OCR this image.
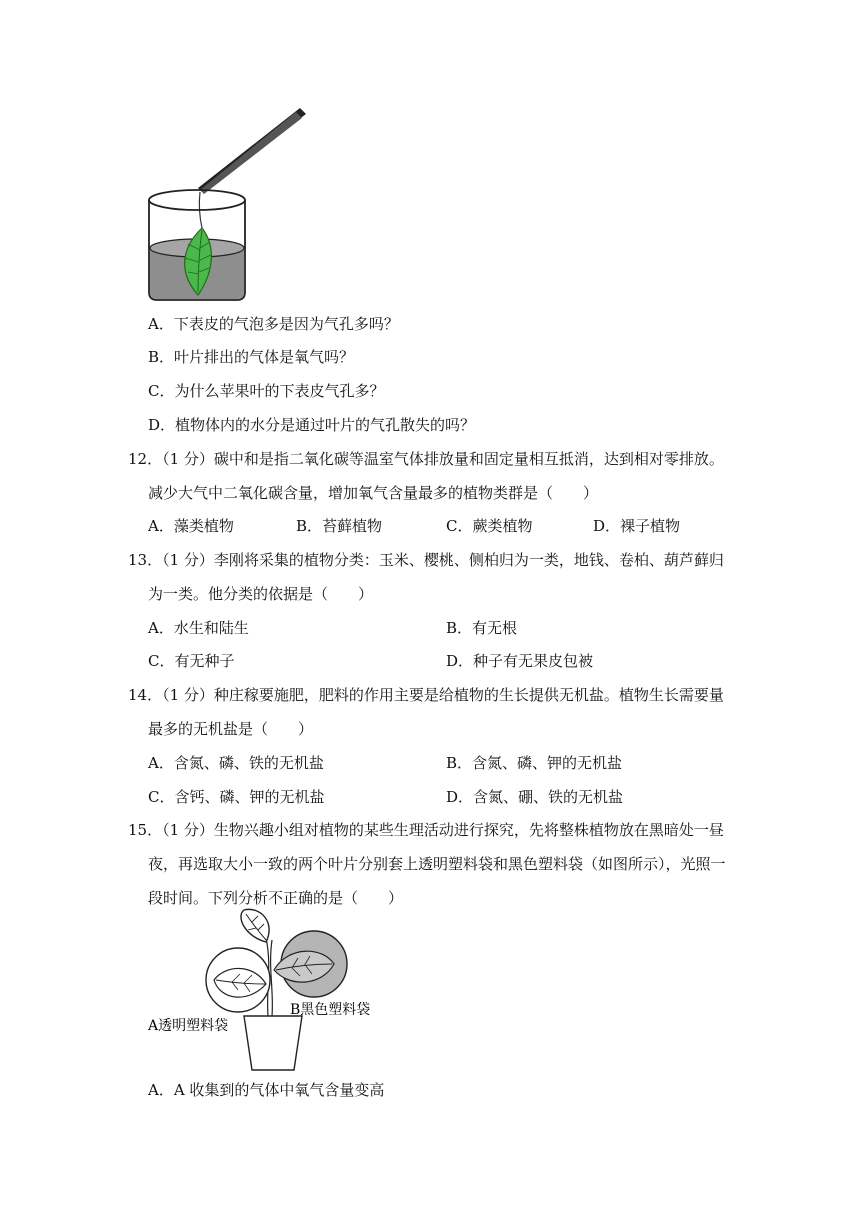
A．下表皮的气泡多是因为气孔多吗？
B．叶片排出的气体是氧气吗？
C．为什么苹果叶的下表皮气孔多？
D．植物体内的水分是通过叶片的气孔散失的吗？
12．（1 分）碳中和是指二氧化碳等温室气体排放量和固定量相互抵消，达到相对零排放。
减少大气中二氧化碳含量，增加氧气含量最多的植物类群是（　　）
A．藻类植物	B．苔藓植物	C．蕨类植物	D．裸子植物
13．（1 分）李刚将采集的植物分类：玉米、樱桃、侧柏归为一类，地钱、卷柏、葫芦藓归
为一类。他分类的依据是（　　）
A．水生和陆生	B．有无根
C．有无种子	D．种子有无果皮包被
14．（1 分）种庄稼要施肥，肥料的作用主要是给植物的生长提供无机盐。植物生长需要量
最多的无机盐是（　　）
A．含氮、磷、铁的无机盐	B．含氮、磷、钾的无机盐
C．含钙、磷、钾的无机盐	D．含氮、硼、铁的无机盐
15．（1 分）生物兴趣小组对植物的某些生理活动进行探究，先将整株植物放在黑暗处一昼
夜，再选取大小一致的两个叶片分别套上透明塑料袋和黑色塑料袋（如图所示），光照一
段时间。下列分析不正确的是（　　）
B黑色塑料袋
A透明塑料袋
A．A 收集到的气体中氧气含量变高
